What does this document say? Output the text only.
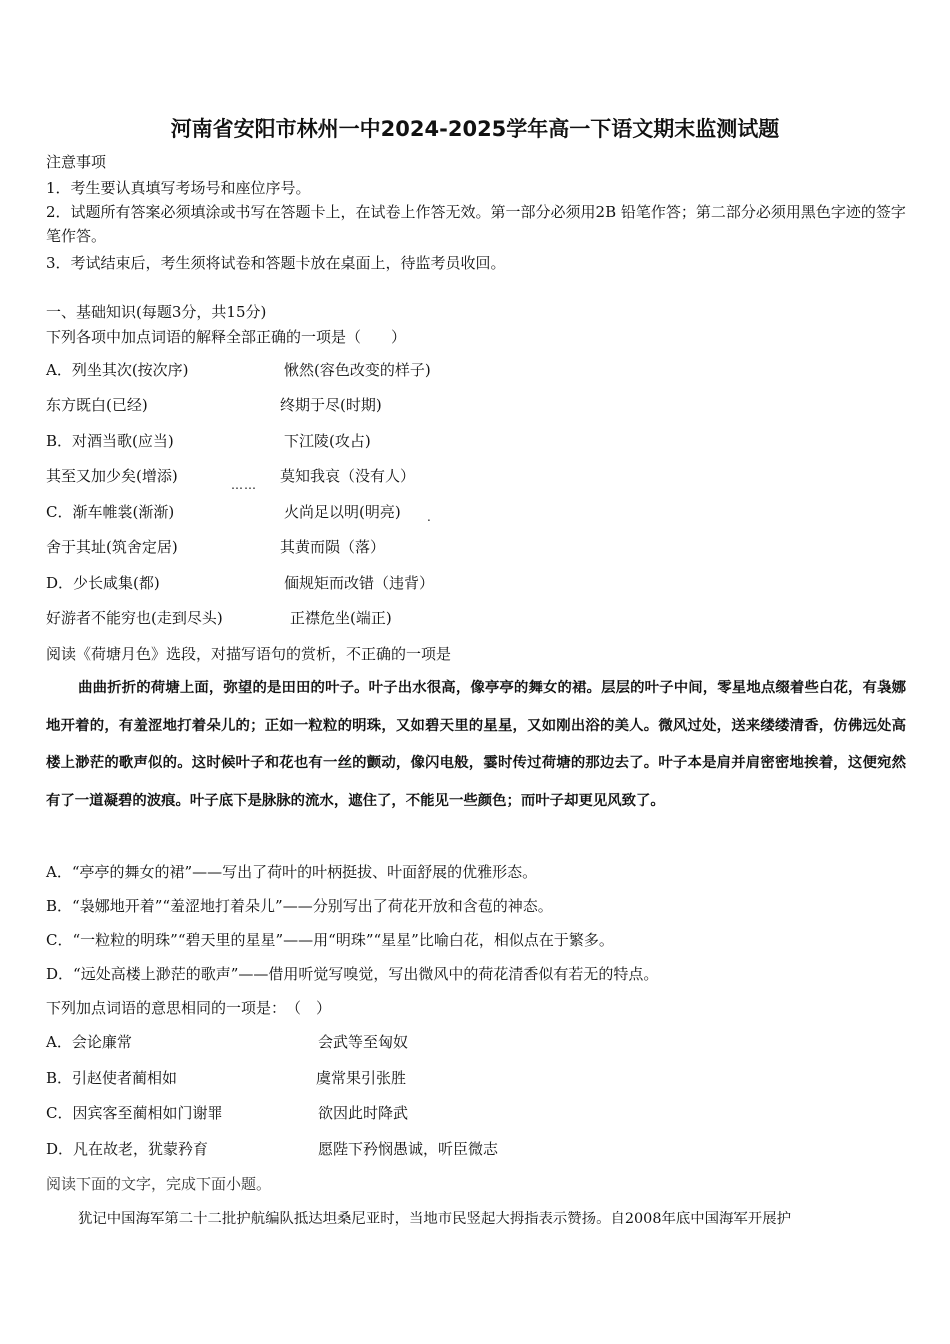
河南省安阳市林州一中2024-2025学年高一下语文期末监测试题
注意事项
1．考生要认真填写考场号和座位序号。
2．试题所有答案必须填涂或书写在答题卡上，在试卷上作答无效。第一部分必须用2B 铅笔作答；第二部分必须用黑色字迹的签字笔作答。
3．考试结束后，考生须将试卷和答题卡放在桌面上，待监考员收回。
一、基础知识(每题3分，共15分)
下列各项中加点词语的解释全部正确的一项是（　　）
A．列坐其次(按次序)	愀然(容色改变的样子)
东方既白(已经)	终期于尽(时期)
B．对酒当歌(应当)	下江陵(攻占)
其至又加少矣(增添)	…… 莫知我哀（没有人）
C．渐车帷裳(渐渐)	火尚足以明(明亮) .
舍于其址(筑舍定居)	其黄而陨（落）
D．少长咸集(都)	偭规矩而改错（违背）
好游者不能穷也(走到尽头)	正襟危坐(端正)
阅读《荷塘月色》选段，对描写语句的赏析，不正确的一项是
曲曲折折的荷塘上面，弥望的是田田的叶子。叶子出水很高，像亭亭的舞女的裙。层层的叶子中间，零星地点缀着些白花，有袅娜地开着的，有羞涩地打着朵儿的；正如一粒粒的明珠，又如碧天里的星星，又如刚出浴的美人。微风过处，送来缕缕清香，仿佛远处高楼上渺茫的歌声似的。这时候叶子和花也有一丝的颤动，像闪电般，霎时传过荷塘的那边去了。叶子本是肩并肩密密地挨着，这便宛然有了一道凝碧的波痕。叶子底下是脉脉的流水，遮住了，不能见一些颜色；而叶子却更见风致了。
A．“亭亭的舞女的裙”——写出了荷叶的叶柄挺拔、叶面舒展的优雅形态。
B．“袅娜地开着”“羞涩地打着朵儿”——分别写出了荷花开放和含苞的神态。
C．“一粒粒的明珠”“碧天里的星星”——用“明珠”“星星”比喻白花，相似点在于繁多。
D．“远处高楼上渺茫的歌声”——借用听觉写嗅觉，写出微风中的荷花清香似有若无的特点。
下列加点词语的意思相同的一项是：　（　）
A．会论廉常	会武等至匈奴
B．引赵使者蔺相如	虞常果引张胜
C．因宾客至蔺相如门谢罪	欲因此时降武
D．凡在故老，犹蒙矜育	愿陛下矜悯愚诚，听臣微志
阅读下面的文字，完成下面小题。
犹记中国海军第二十二批护航编队抵达坦桑尼亚时，当地市民竖起大拇指表示赞扬。自2008年底中国海军开展护
